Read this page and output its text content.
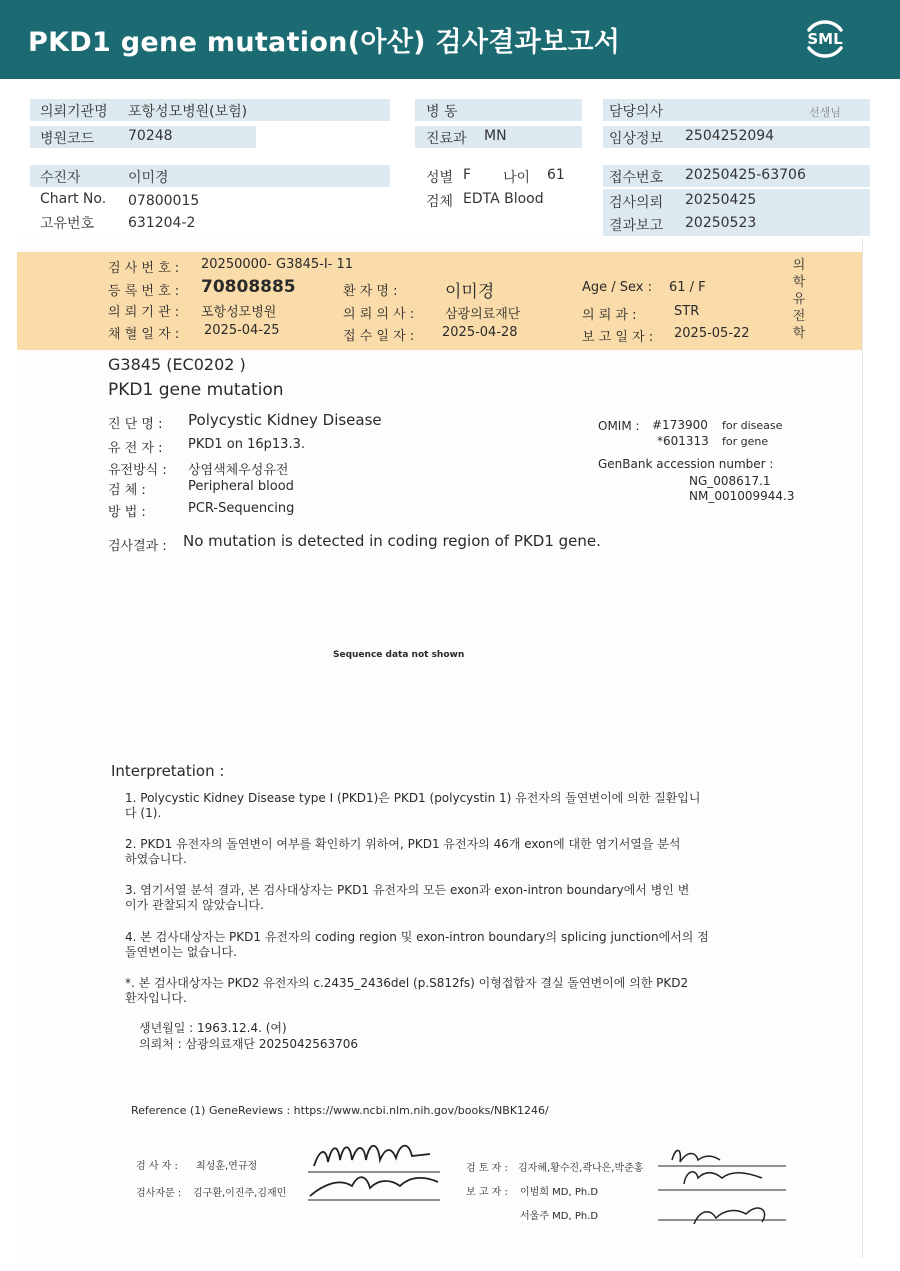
PKD1 gene mutation(아산) 검사결과보고서	SML
의뢰기관명 포항성모병원(보험)
병원코드 70248
병 동
진료과 MN
담당의사	선생님
임상정보 2504252094
수진자	이미경
Chart No. 07800015
고유번호 631204-2
성별 F 나이 61
검체 EDTA Blood
접수번호 20250425-63706
검사의뢰 20250425
결과보고 20250523
검 사 번 호 : 20250000- G3845-I- 11
등 록 번 호 : 70808885	환 자 명 :	이미경	Age / Sex : 61 / F
의 뢰 기 관 : 포항성모병원	의 뢰 의 사 : 삼광의료재단	의 뢰 과 :	STR
채 혈 일 자 : 2025-04-25	접 수 일 자 : 2025-04-28	보 고 일 자 : 2025-05-22
의
학
유
전
학
G3845 (EC0202 )
PKD1 gene mutation
진 단 명 : Polycystic Kidney Disease
유 전 자 : PKD1 on 16p13.3.
유전방식 : 상염색체우성유전
검 체 :	Peripheral blood
방 법 :	PCR-Sequencing
OMIM : #173900 for disease
*601313 for gene
GenBank accession number :
NG_008617.1
NM_001009944.3
검사결과 : No mutation is detected in coding region of PKD1 gene.
Sequence data not shown
Interpretation :
1. Polycystic Kidney Disease type I (PKD1)은 PKD1 (polycystin 1) 유전자의 돌연변이에 의한 질환입니
다 (1).
2. PKD1 유전자의 돌연변이 여부를 확인하기 위하여, PKD1 유전자의 46개 exon에 대한 염기서열을 분석
하였습니다.
3. 염기서열 분석 결과, 본 검사대상자는 PKD1 유전자의 모든 exon과 exon-intron boundary에서 병인 변
이가 관찰되지 않았습니다.
4. 본 검사대상자는 PKD1 유전자의 coding region 및 exon-intron boundary의 splicing junction에서의 점
돌연변이는 없습니다.
*. 본 검사대상자는 PKD2 유전자의 c.2435_2436del (p.S812fs) 이형접합자 결실 돌연변이에 의한 PKD2
환자입니다.
생년월일 : 1963.12.4. (여)
의뢰처 : 삼광의료재단 2025042563706
Reference (1) GeneReviews : https://www.ncbi.nlm.nih.gov/books/NBK1246/
검 사 자 : 최성훈,연규정
검사자문 : 김구환,이진주,김재민
검 토 자 : 김자혜,황수진,곽나은,박준홍
보 고 자 : 이범희 MD, Ph.D
서울주 MD, Ph.D
